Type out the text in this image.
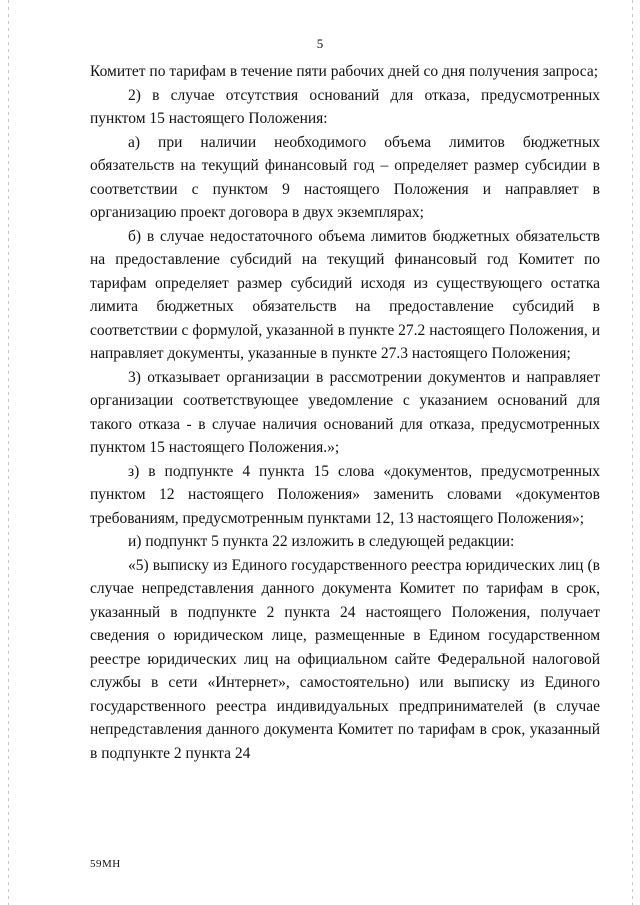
5

Комитет по тарифам в течение пяти рабочих дней со дня получения запроса;

2) в случае отсутствия оснований для отказа, предусмотренных пунктом 15 настоящего Положения:

а) при наличии необходимого объема лимитов бюджетных обязательств на текущий финансовый год – определяет размер субсидии в соответствии с пунктом 9 настоящего Положения и направляет в организацию проект договора в двух экземплярах;

б) в случае недостаточного объема лимитов бюджетных обязательств на предоставление субсидий на текущий финансовый год Комитет по тарифам определяет размер субсидий исходя из существующего остатка лимита бюджетных обязательств на предоставление субсидий в соответствии с формулой, указанной в пункте 27.2 настоящего Положения, и направляет документы, указанные в пункте 27.3 настоящего Положения;

3) отказывает организации в рассмотрении документов и направляет организации соответствующее уведомление с указанием оснований для такого отказа - в случае наличия оснований для отказа, предусмотренных пунктом 15 настоящего Положения.»;

з) в подпункте 4 пункта 15 слова «документов, предусмотренных пунктом 12 настоящего Положения» заменить словами «документов требованиям, предусмотренным пунктами 12, 13 настоящего Положения»;

и) подпункт 5 пункта 22 изложить в следующей редакции:

«5) выписку из Единого государственного реестра юридических лиц (в случае непредставления данного документа Комитет по тарифам в срок, указанный в подпункте 2 пункта 24 настоящего Положения, получает сведения о юридическом лице, размещенные в Едином государственном реестре юридических лиц на официальном сайте Федеральной налоговой службы в сети «Интернет», самостоятельно) или выписку из Единого государственного реестра индивидуальных предпринимателей (в случае непредставления данного документа Комитет по тарифам в срок, указанный в подпункте 2 пункта 24

59МН
